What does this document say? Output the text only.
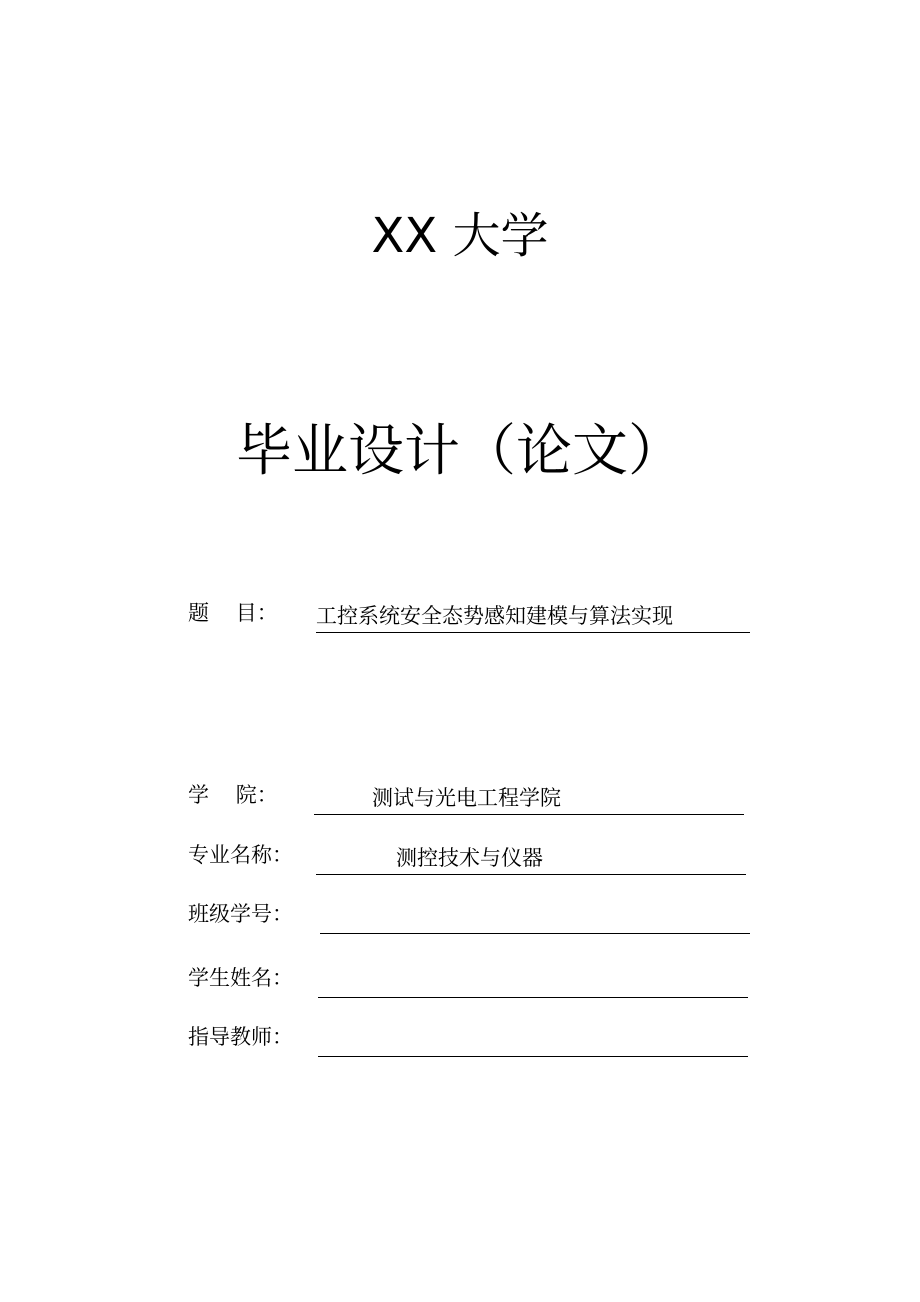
XX 大学
毕业设计（论文）
题    目： 工控系统安全态势感知建模与算法实现
学    院：	测试与光电工程学院
专业名称：	测控技术与仪器
班级学号：
学生姓名：
指导教师：
